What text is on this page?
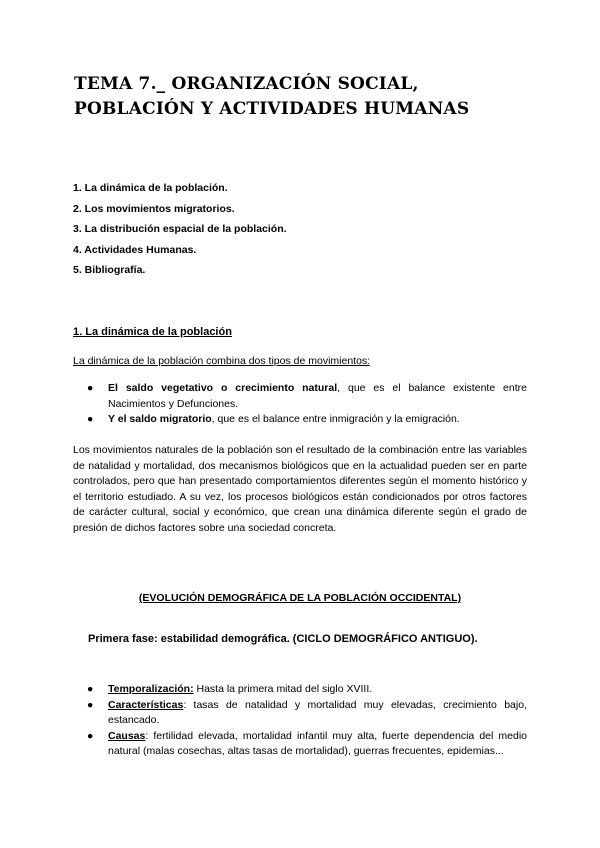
TEMA 7._ ORGANIZACIÓN SOCIAL,
POBLACIÓN Y ACTIVIDADES HUMANAS
1. La dinámica de la población.
2. Los movimientos migratorios.
3. La distribución espacial de la población.
4. Actividades Humanas.
5. Bibliografía.
1. La dinámica de la población
La dinámica de la población combina dos tipos de movimientos:
● El saldo vegetativo o crecimiento natural, que es el balance existente entre Nacimientos y Defunciones.
● Y el saldo migratorio, que es el balance entre inmigración y la emigración.
Los movimientos naturales de la población son el resultado de la combinación entre las variables de natalidad y mortalidad, dos mecanismos biológicos que en la actualidad pueden ser en parte controlados, pero que han presentado comportamientos diferentes según el momento histórico y el territorio estudiado. A su vez, los procesos biológicos están condicionados por otros factores de carácter cultural, social y económico, que crean una dinámica diferente según el grado de presión de dichos factores sobre una sociedad concreta.
(EVOLUCIÓN DEMOGRÁFICA DE LA POBLACIÓN OCCIDENTAL)
Primera fase: estabilidad demográfica. (CICLO DEMOGRÁFICO ANTIGUO).
● Temporalización: Hasta la primera mitad del siglo XVIII.
● Características: tasas de natalidad y mortalidad muy elevadas, crecimiento bajo, estancado.
● Causas: fertilidad elevada, mortalidad infantil muy alta, fuerte dependencia del medio natural (malas cosechas, altas tasas de mortalidad), guerras frecuentes, epidemias...
